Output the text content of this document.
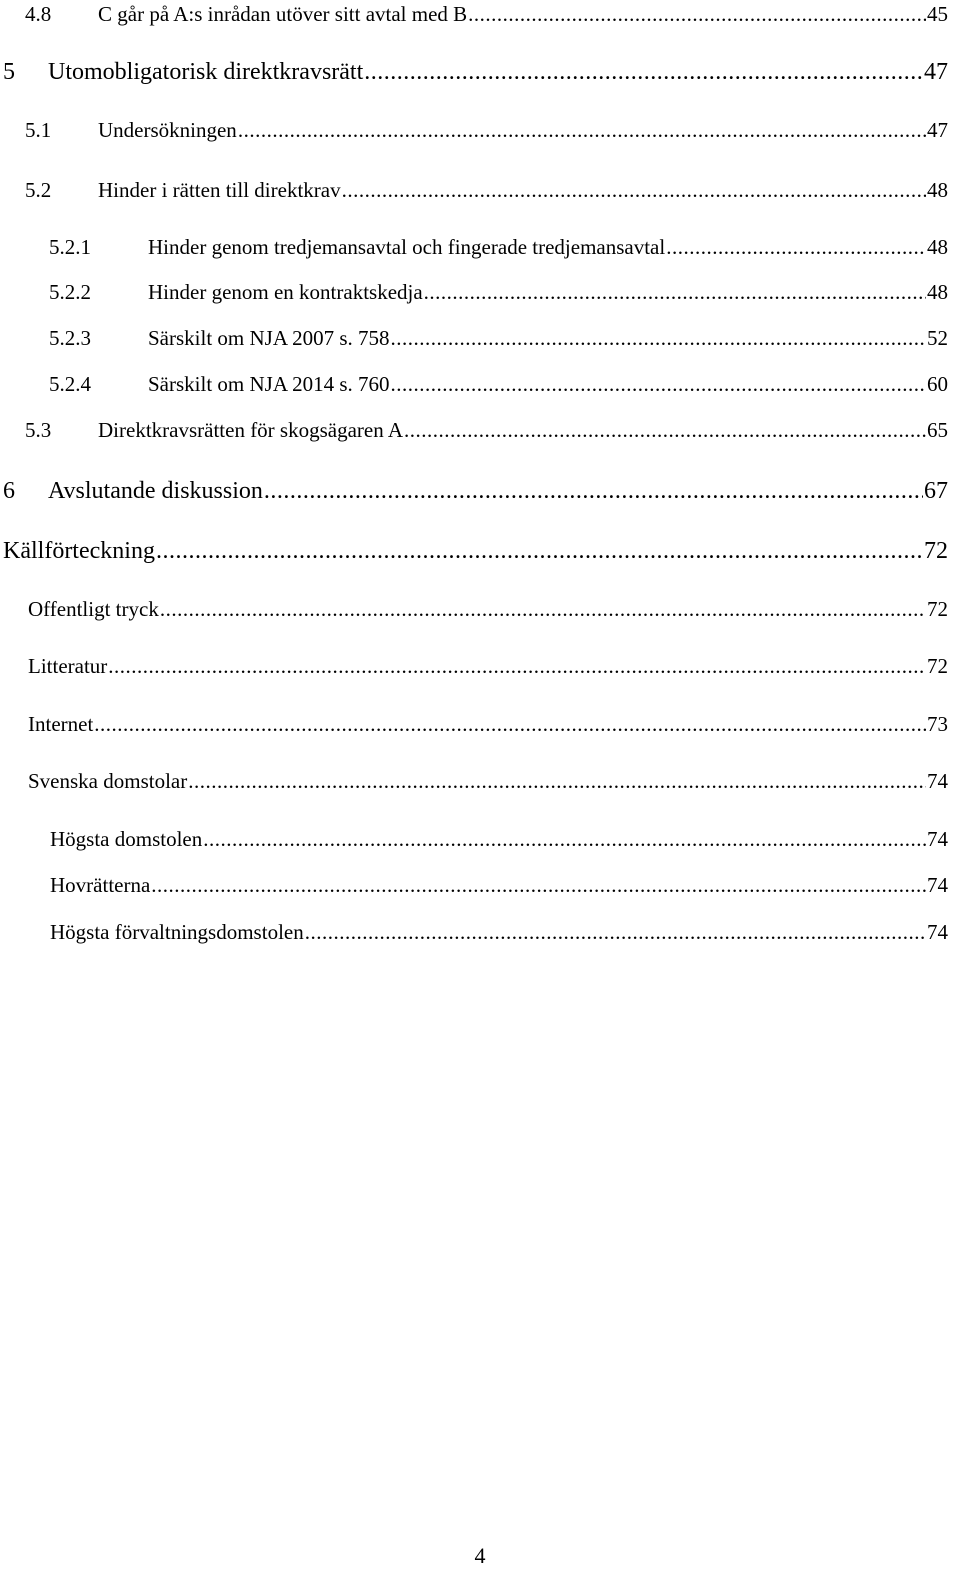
4.8	C går på A:s inrådan utöver sitt avtal med B .....	45
5	Utomobligatorisk direktkravsrätt .....	47
5.1	Undersökningen .....	47
5.2	Hinder i rätten till direktkrav .....	48
5.2.1	Hinder genom tredjemansavtal och fingerade tredjemansavtal .....	48
5.2.2	Hinder genom en kontraktskedja .....	48
5.2.3	Särskilt om NJA 2007 s. 758 .....	52
5.2.4	Särskilt om NJA 2014 s. 760 .....	60
5.3	Direktkravsrätten för skogsägaren A .....	65
6	Avslutande diskussion .....	67
Källförteckning .....	72
Offentligt tryck .....	72
Litteratur .....	72
Internet .....	73
Svenska domstolar .....	74
Högsta domstolen .....	74
Hovrätterna .....	74
Högsta förvaltningsdomstolen .....	74
4
